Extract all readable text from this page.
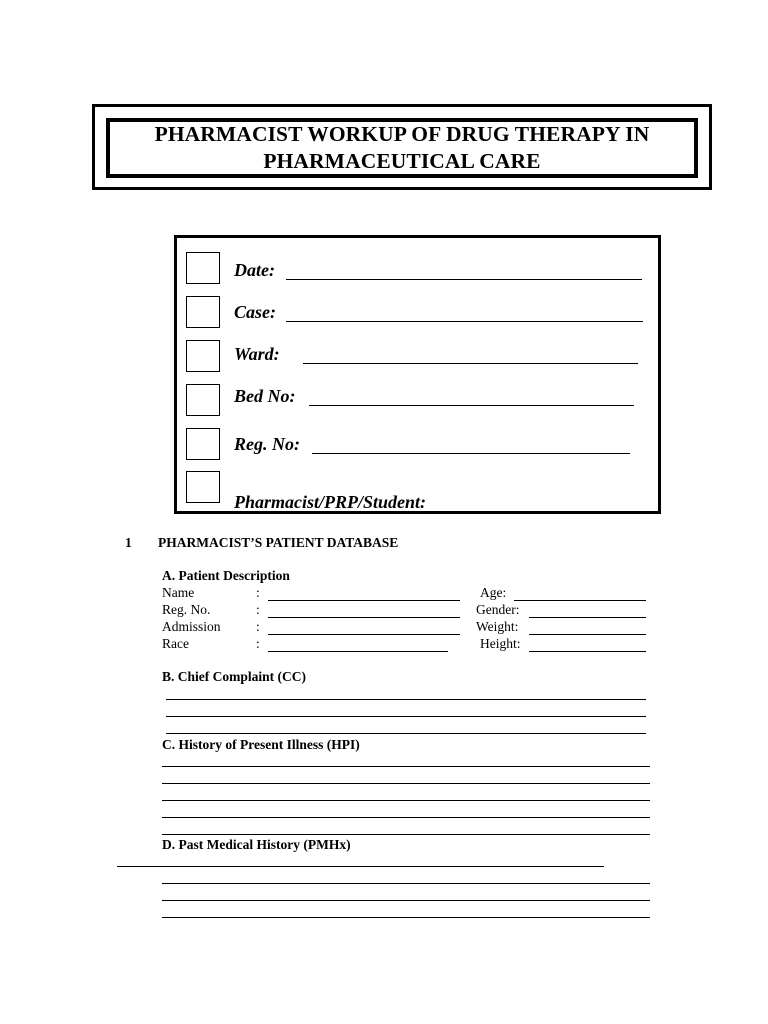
PHARMACIST WORKUP OF DRUG THERAPY IN
PHARMACEUTICAL CARE
Date:
Case:
Ward:
Bed No:
Reg. No:
Pharmacist/PRP/Student:
1 PHARMACIST’S PATIENT DATABASE
A. Patient Description
Name	:	Age:
Reg. No.	:	Gender:
Admission	:	Weight:
Race	:	Height:
B. Chief Complaint (CC)
C. History of Present Illness (HPI)
D. Past Medical History (PMHx)
